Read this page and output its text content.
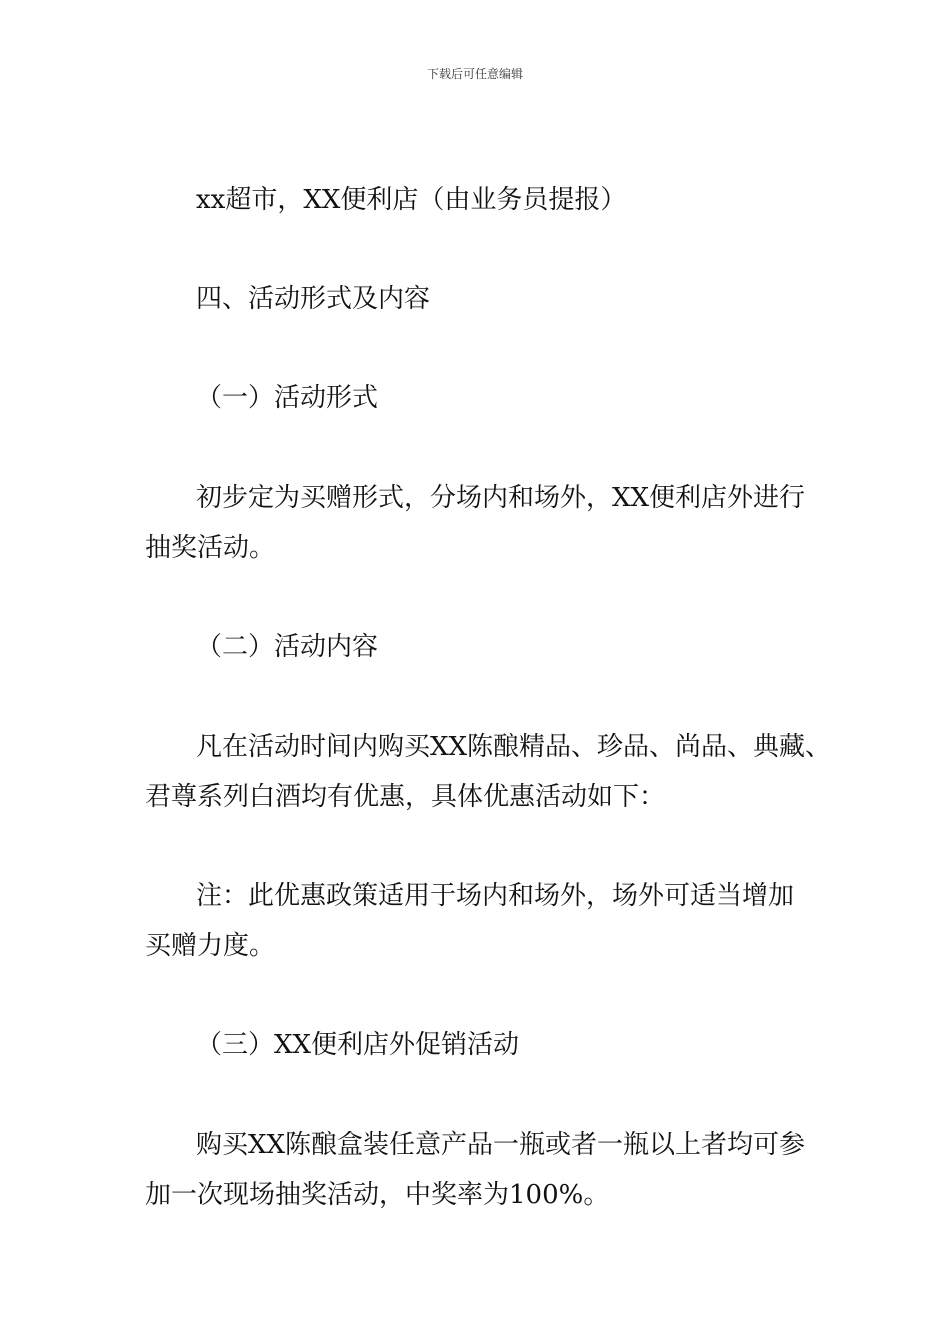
下载后可任意编辑
xx超市，XX便利店（由业务员提报）
四、活动形式及内容
（一）活动形式
初步定为买赠形式，分场内和场外，XX便利店外进行
抽奖活动。
（二）活动内容
凡在活动时间内购买XX陈酿精品、珍品、尚品、典藏、
君尊系列白酒均有优惠，具体优惠活动如下：
注：此优惠政策适用于场内和场外，场外可适当增加
买赠力度。
（三）XX便利店外促销活动
购买XX陈酿盒装任意产品一瓶或者一瓶以上者均可参
加一次现场抽奖活动，中奖率为100%。
